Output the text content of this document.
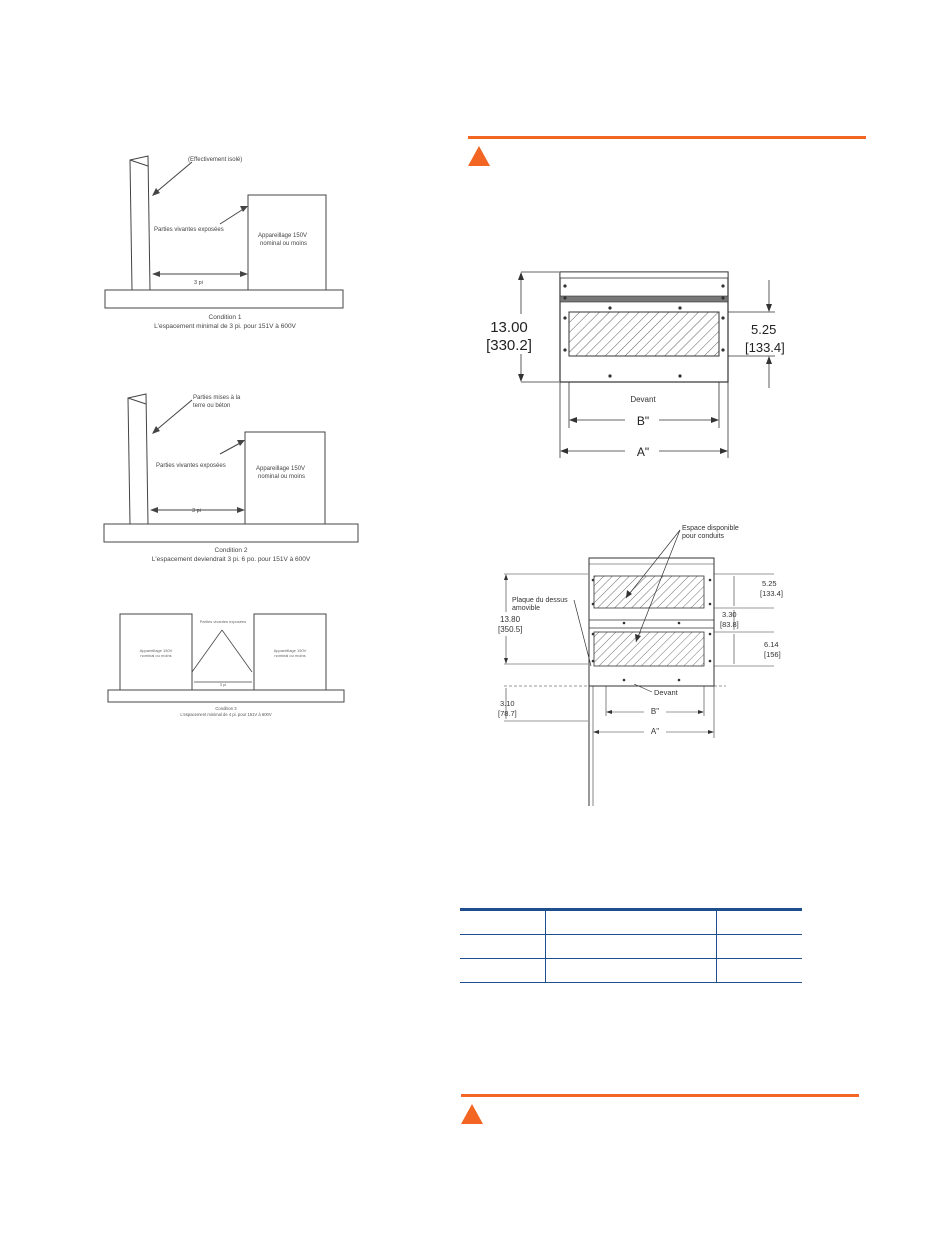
(Effectivement isolé)
Parties vivantes exposées
Appareillage 150V
nominal ou moins
3 pi
Condition 1
L'espacement minimal de 3 pi. pour 151V à 600V
Parties mises à la
terre ou béton
Parties vivantes exposées	Appareillage 150V
nominal ou moins
3 pi
Condition 2
L'espacement deviendrait 3 pi. 6 po. pour 151V à 600V
Parties vivantes exposées
Appareillage 150V
nominal ou moins
Appareillage 150V
nominal ou moins
3 pi
Condition 3
L'espacement minimal de 4 pi. pour 151V à 600V
13.00
[330.2]
5.25
[133.4]
Devant
B"
A"
Espace disponible
pour conduits
Plaque du dessus
amovible
13.80
[350.5]
5.25
[133.4]
3.30
[83.8]
6.14
[156]
3.10
[78.7]
Devant
B"
A"
